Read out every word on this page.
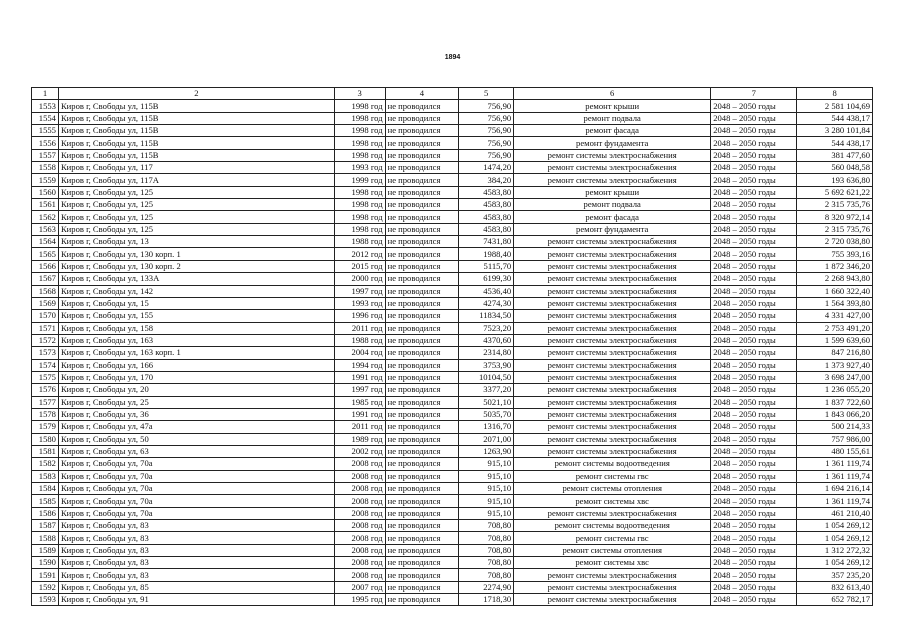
1894
1	2	3	4	5	6	7	8
1553	Киров г, Свободы ул, 115В	1998 год	не проводился	756,90	ремонт крыши	2048 – 2050 годы	2 581 104,69
1554	Киров г, Свободы ул, 115В	1998 год	не проводился	756,90	ремонт подвала	2048 – 2050 годы	544 438,17
1555	Киров г, Свободы ул, 115В	1998 год	не проводился	756,90	ремонт фасада	2048 – 2050 годы	3 280 101,84
1556	Киров г, Свободы ул, 115В	1998 год	не проводился	756,90	ремонт фундамента	2048 – 2050 годы	544 438,17
1557	Киров г, Свободы ул, 115В	1998 год	не проводился	756,90	ремонт системы электроснабжения	2048 – 2050 годы	381 477,60
1558	Киров г, Свободы ул, 117	1993 год	не проводился	1474,20	ремонт системы электроснабжения	2048 – 2050 годы	560 048,58
1559	Киров г, Свободы ул, 117А	1999 год	не проводился	384,20	ремонт системы электроснабжения	2048 – 2050 годы	193 636,80
1560	Киров г, Свободы ул, 125	1998 год	не проводился	4583,80	ремонт крыши	2048 – 2050 годы	5 692 621,22
1561	Киров г, Свободы ул, 125	1998 год	не проводился	4583,80	ремонт подвала	2048 – 2050 годы	2 315 735,76
1562	Киров г, Свободы ул, 125	1998 год	не проводился	4583,80	ремонт фасада	2048 – 2050 годы	8 320 972,14
1563	Киров г, Свободы ул, 125	1998 год	не проводился	4583,80	ремонт фундамента	2048 – 2050 годы	2 315 735,76
1564	Киров г, Свободы ул, 13	1988 год	не проводился	7431,80	ремонт системы электроснабжения	2048 – 2050 годы	2 720 038,80
1565	Киров г, Свободы ул, 130 корп. 1	2012 год	не проводился	1988,40	ремонт системы электроснабжения	2048 – 2050 годы	755 393,16
1566	Киров г, Свободы ул, 130 корп. 2	2015 год	не проводился	5115,70	ремонт системы электроснабжения	2048 – 2050 годы	1 872 346,20
1567	Киров г, Свободы ул, 133А	2000 год	не проводился	6199,30	ремонт системы электроснабжения	2048 – 2050 годы	2 268 943,80
1568	Киров г, Свободы ул, 142	1997 год	не проводился	4536,40	ремонт системы электроснабжения	2048 – 2050 годы	1 660 322,40
1569	Киров г, Свободы ул, 15	1993 год	не проводился	4274,30	ремонт системы электроснабжения	2048 – 2050 годы	1 564 393,80
1570	Киров г, Свободы ул, 155	1996 год	не проводился	11834,50	ремонт системы электроснабжения	2048 – 2050 годы	4 331 427,00
1571	Киров г, Свободы ул, 158	2011 год	не проводился	7523,20	ремонт системы электроснабжения	2048 – 2050 годы	2 753 491,20
1572	Киров г, Свободы ул, 163	1988 год	не проводился	4370,60	ремонт системы электроснабжения	2048 – 2050 годы	1 599 639,60
1573	Киров г, Свободы ул, 163 корп. 1	2004 год	не проводился	2314,80	ремонт системы электроснабжения	2048 – 2050 годы	847 216,80
1574	Киров г, Свободы ул, 166	1994 год	не проводился	3753,90	ремонт системы электроснабжения	2048 – 2050 годы	1 373 927,40
1575	Киров г, Свободы ул, 170	1991 год	не проводился	10104,50	ремонт системы электроснабжения	2048 – 2050 годы	3 698 247,00
1576	Киров г, Свободы ул, 20	1997 год	не проводился	3377,20	ремонт системы электроснабжения	2048 – 2050 годы	1 236 055,20
1577	Киров г, Свободы ул, 25	1985 год	не проводился	5021,10	ремонт системы электроснабжения	2048 – 2050 годы	1 837 722,60
1578	Киров г, Свободы ул, 36	1991 год	не проводился	5035,70	ремонт системы электроснабжения	2048 – 2050 годы	1 843 066,20
1579	Киров г, Свободы ул, 47а	2011 год	не проводился	1316,70	ремонт системы электроснабжения	2048 – 2050 годы	500 214,33
1580	Киров г, Свободы ул, 50	1989 год	не проводился	2071,00	ремонт системы электроснабжения	2048 – 2050 годы	757 986,00
1581	Киров г, Свободы ул, 63	2002 год	не проводился	1263,90	ремонт системы электроснабжения	2048 – 2050 годы	480 155,61
1582	Киров г, Свободы ул, 70а	2008 год	не проводился	915,10	ремонт системы водоотведения	2048 – 2050 годы	1 361 119,74
1583	Киров г, Свободы ул, 70а	2008 год	не проводился	915,10	ремонт системы гвс	2048 – 2050 годы	1 361 119,74
1584	Киров г, Свободы ул, 70а	2008 год	не проводился	915,10	ремонт системы отопления	2048 – 2050 годы	1 694 216,14
1585	Киров г, Свободы ул, 70а	2008 год	не проводился	915,10	ремонт системы хвс	2048 – 2050 годы	1 361 119,74
1586	Киров г, Свободы ул, 70а	2008 год	не проводился	915,10	ремонт системы электроснабжения	2048 – 2050 годы	461 210,40
1587	Киров г, Свободы ул, 83	2008 год	не проводился	708,80	ремонт системы водоотведения	2048 – 2050 годы	1 054 269,12
1588	Киров г, Свободы ул, 83	2008 год	не проводился	708,80	ремонт системы гвс	2048 – 2050 годы	1 054 269,12
1589	Киров г, Свободы ул, 83	2008 год	не проводился	708,80	ремонт системы отопления	2048 – 2050 годы	1 312 272,32
1590	Киров г, Свободы ул, 83	2008 год	не проводился	708,80	ремонт системы хвс	2048 – 2050 годы	1 054 269,12
1591	Киров г, Свободы ул, 83	2008 год	не проводился	708,80	ремонт системы электроснабжения	2048 – 2050 годы	357 235,20
1592	Киров г, Свободы ул, 85	2007 год	не проводился	2274,90	ремонт системы электроснабжения	2048 – 2050 годы	832 613,40
1593	Киров г, Свободы ул, 91	1995 год	не проводился	1718,30	ремонт системы электроснабжения	2048 – 2050 годы	652 782,17
